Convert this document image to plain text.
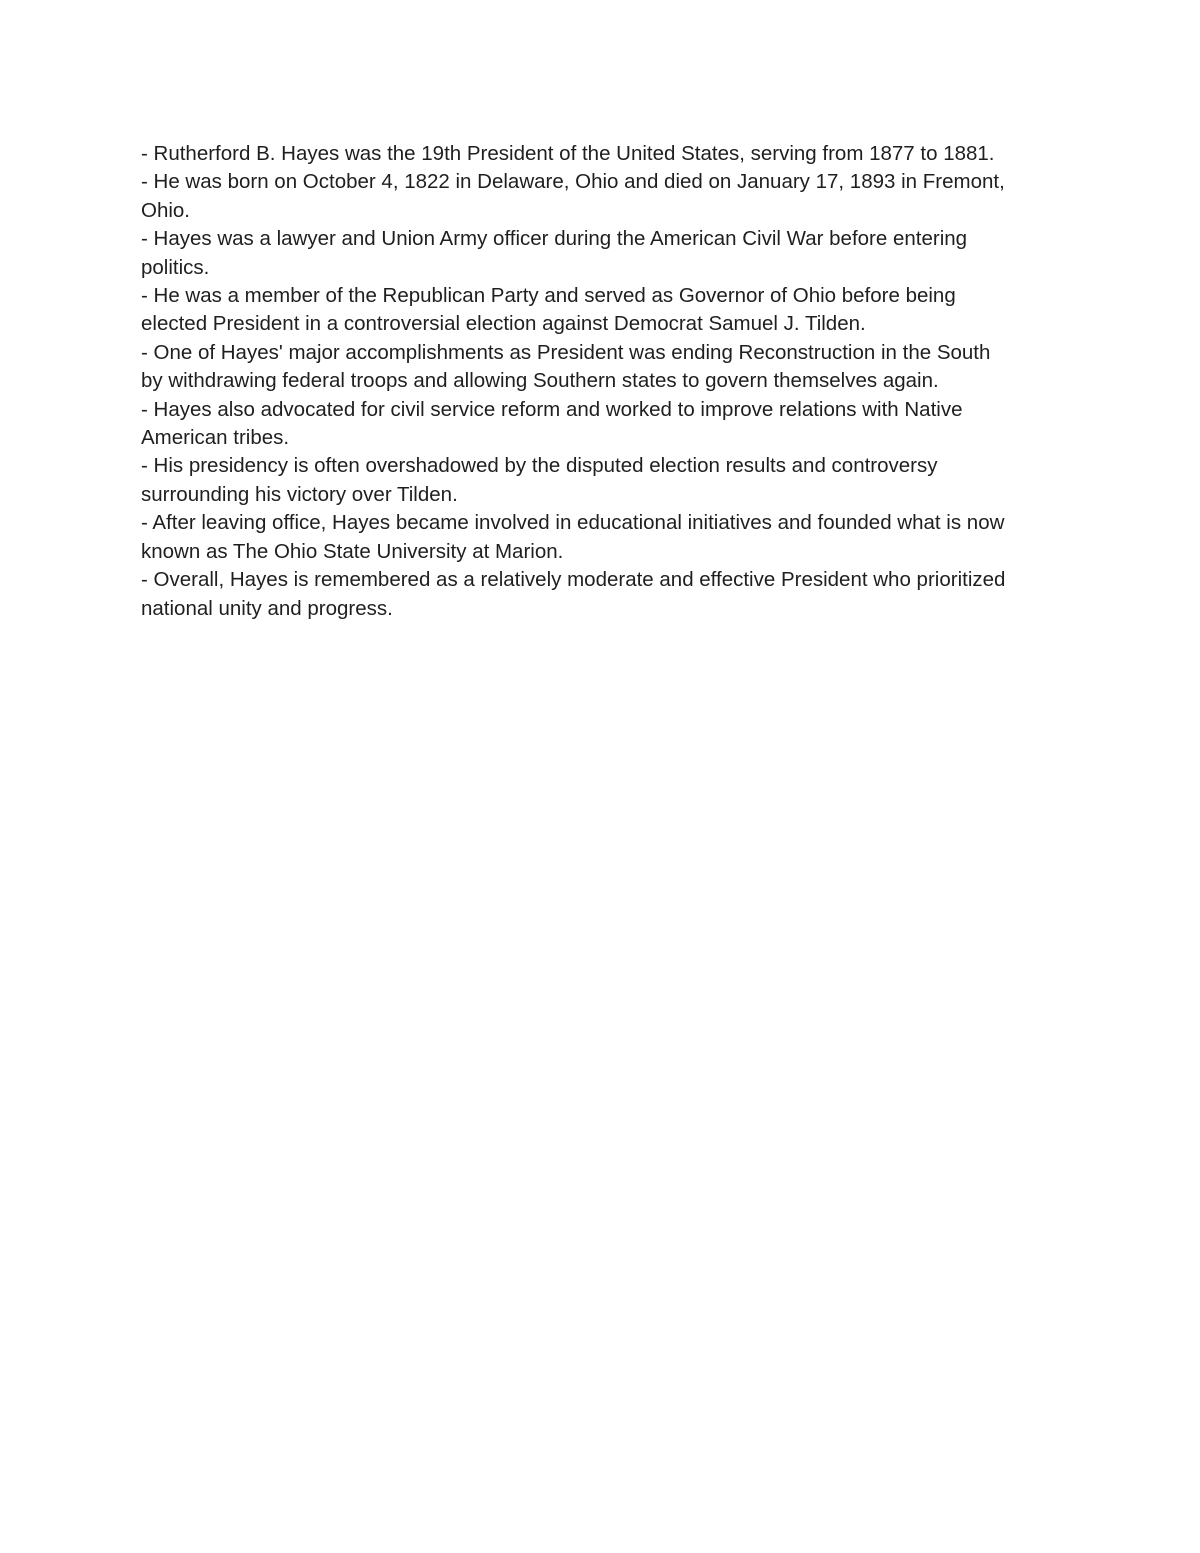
- Rutherford B. Hayes was the 19th President of the United States, serving from 1877 to 1881.
- He was born on October 4, 1822 in Delaware, Ohio and died on January 17, 1893 in Fremont,
Ohio.
- Hayes was a lawyer and Union Army officer during the American Civil War before entering
politics.
- He was a member of the Republican Party and served as Governor of Ohio before being
elected President in a controversial election against Democrat Samuel J. Tilden.
- One of Hayes' major accomplishments as President was ending Reconstruction in the South
by withdrawing federal troops and allowing Southern states to govern themselves again.
- Hayes also advocated for civil service reform and worked to improve relations with Native
American tribes.
- His presidency is often overshadowed by the disputed election results and controversy
surrounding his victory over Tilden.
- After leaving office, Hayes became involved in educational initiatives and founded what is now
known as The Ohio State University at Marion.
- Overall, Hayes is remembered as a relatively moderate and effective President who prioritized
national unity and progress.
